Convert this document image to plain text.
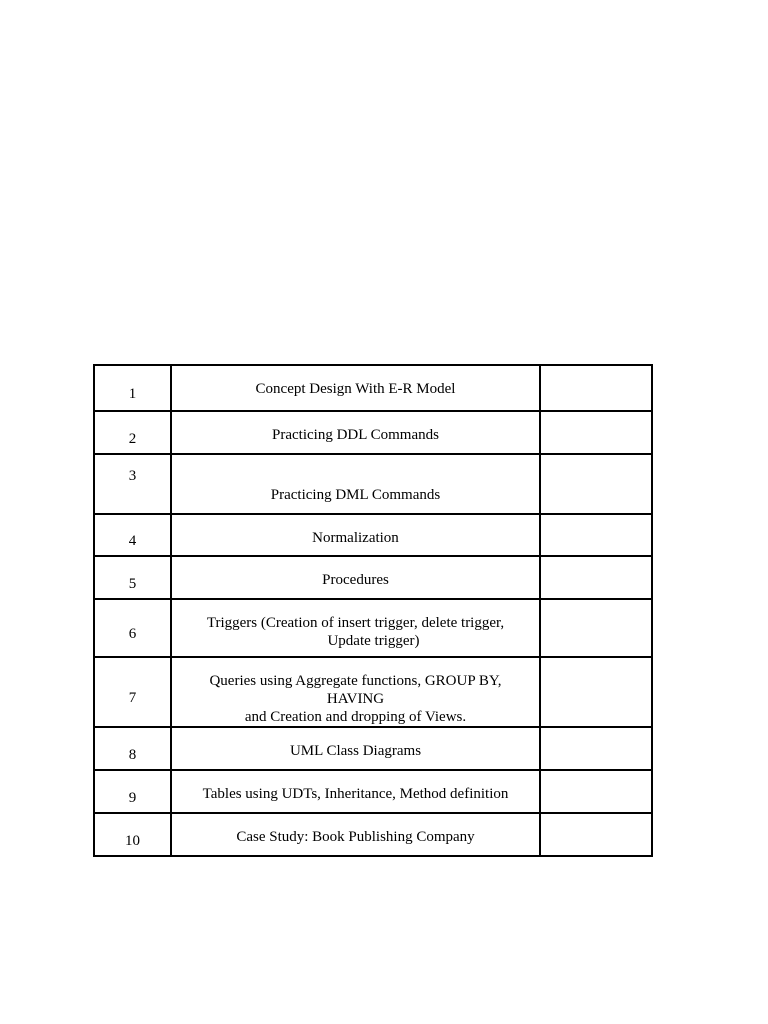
1	Concept Design With E-R Model	

2	Practicing DDL Commands	

3	Practicing DML Commands	

4	Normalization	

5	Procedures	

6	Triggers (Creation of insert trigger, delete trigger,
Update trigger)	

7	Queries using Aggregate functions, GROUP BY,
HAVING
and Creation and dropping of Views.	

8	UML Class Diagrams	

9	Tables using UDTs, Inheritance, Method definition	

10	Case Study: Book Publishing Company	
